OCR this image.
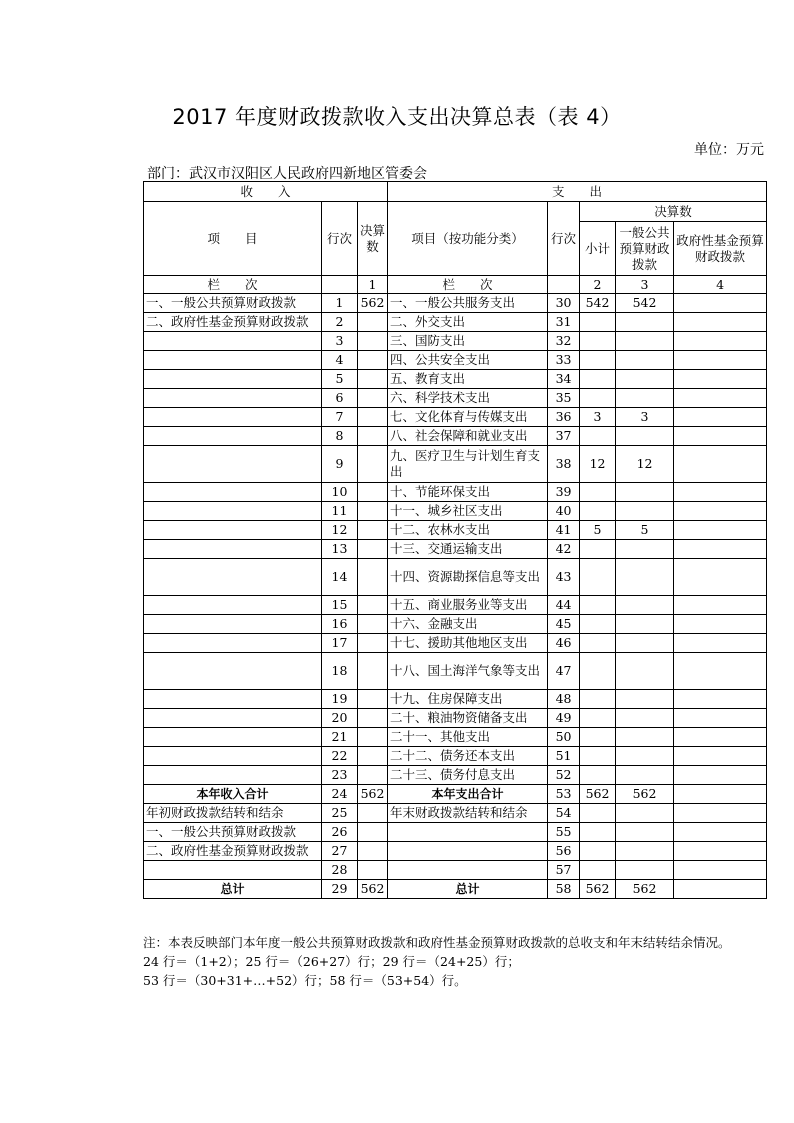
2017 年度财政拨款收入支出决算总表（表 4）
单位：万元
部门：武汉市汉阳区人民政府四新地区管委会
收　　入			支　　出				
项　　目	行次	决算数	项目（按功能分类）	行次	决算数		
					小计	一般公共预算财政拨款	政府性基金预算财政拨款
栏　　次		1	栏　　次		2	3	4
一、一般公共预算财政拨款	1	562	一、一般公共服务支出	30	542	542	
二、政府性基金预算财政拨款	2		二、外交支出	31			
	3		三、国防支出	32			
	4		四、公共安全支出	33			
	5		五、教育支出	34			
	6		六、科学技术支出	35			
	7		七、文化体育与传媒支出	36	3	3	
	8		八、社会保障和就业支出	37			
	9		九、医疗卫生与计划生育支出	38	12	12	
	10		十、节能环保支出	39			
	11		十一、城乡社区支出	40			
	12		十二、农林水支出	41	5	5	
	13		十三、交通运输支出	42			
	14		十四、资源勘探信息等支出	43			
	15		十五、商业服务业等支出	44			
	16		十六、金融支出	45			
	17		十七、援助其他地区支出	46			
	18		十八、国土海洋气象等支出	47			
	19		十九、住房保障支出	48			
	20		二十、粮油物资储备支出	49			
	21		二十一、其他支出	50			
	22		二十二、债务还本支出	51			
	23		二十三、债务付息支出	52			
本年收入合计	24	562	本年支出合计	53	562	562	
年初财政拨款结转和结余	25		年末财政拨款结转和结余	54			
一、一般公共预算财政拨款	26			55			
二、政府性基金预算财政拨款	27			56			
	28			57			
总计	29	562	总计	58	562	562	
注：本表反映部门本年度一般公共预算财政拨款和政府性基金预算财政拨款的总收支和年末结转结余情况。
24 行＝（1+2）；25 行＝（26+27）行；29 行＝（24+25）行；
53 行＝（30+31+…+52）行；58 行＝（53+54）行。
